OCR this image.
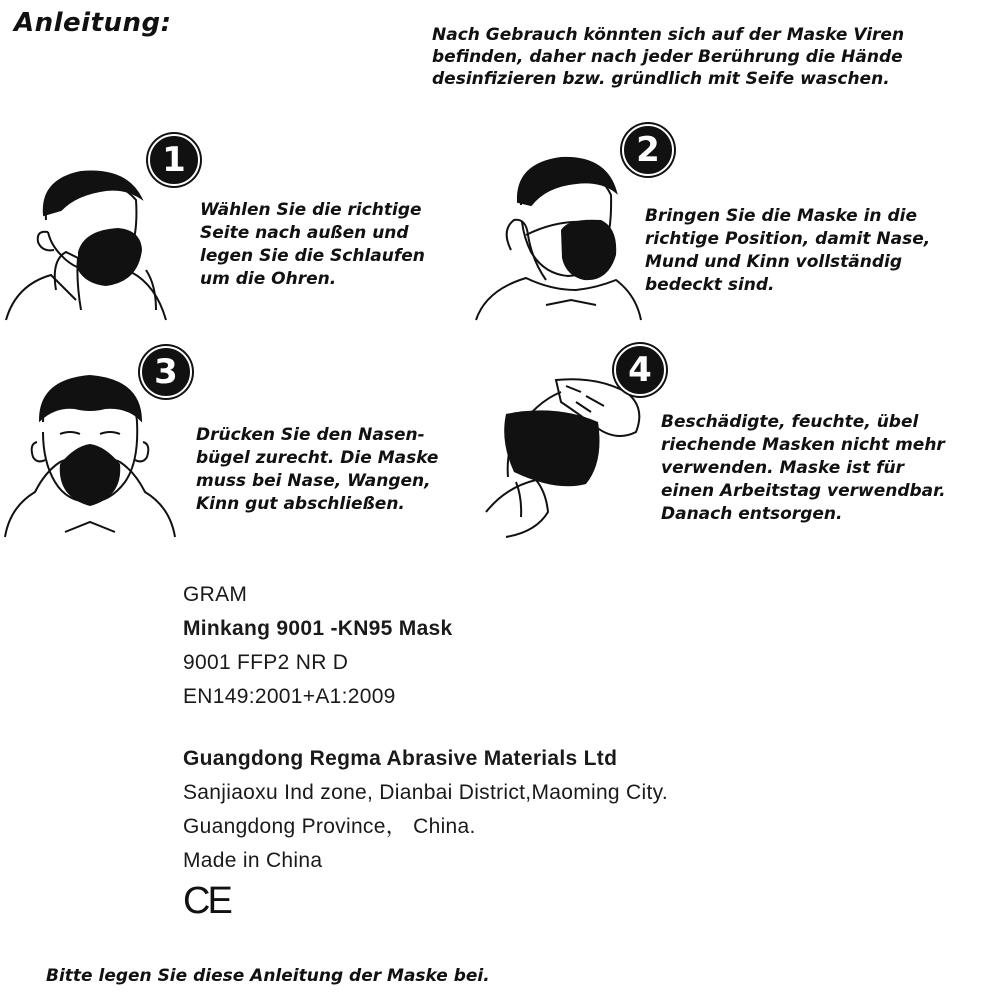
Anleitung:	Nach Gebrauch könnten sich auf der Maske Viren befinden, daher nach jeder Berührung die Hände desinfizieren bzw. gründlich mit Seife waschen.
1
Wählen Sie die richtige
Seite nach außen und
legen Sie die Schlaufen
um die Ohren.
2
Bringen Sie die Maske in die
richtige Position, damit Nase,
Mund und Kinn vollständig
bedeckt sind.
3
Drücken Sie den Nasen-
bügel zurecht. Die Maske
muss bei Nase, Wangen,
Kinn gut abschließen.
4
Beschädigte, feuchte, übel
riechende Masken nicht mehr
verwenden. Maske ist für
einen Arbeitstag verwendbar.
Danach entsorgen.
GRAM
Minkang 9001 -KN95 Mask
9001 FFP2 NR D
EN149:2001+A1:2009
Guangdong Regma Abrasive Materials Ltd
Sanjiaoxu Ind zone, Dianbai District,Maoming City.
Guangdong Province， China.
Made in China
CE
Bitte legen Sie diese Anleitung der Maske bei.
